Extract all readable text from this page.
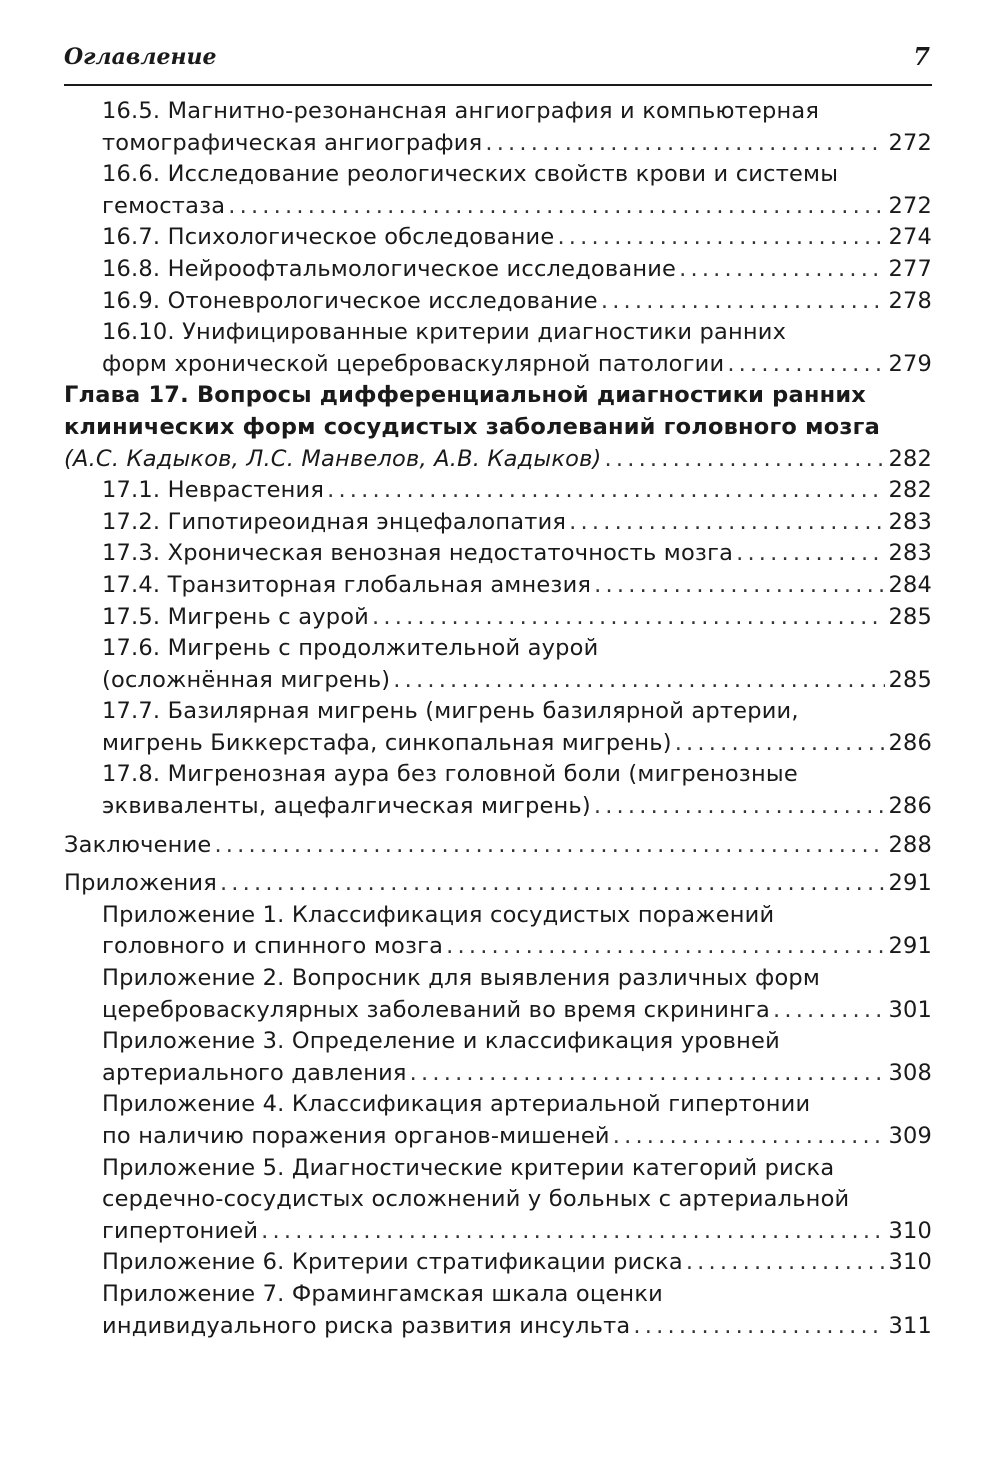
Оглавление	7
16.5. Магнитно-резонансная ангиография и компьютерная
томографическая ангиография .....	272
16.6. Исследование реологических свойств крови и системы
гемостаза .....	272
16.7. Психологическое обследование .....	274
16.8. Нейроофтальмологическое исследование .....	277
16.9. Отоневрологическое исследование .....	278
16.10. Унифицированные критерии диагностики ранних
форм хронической цереброваскулярной патологии .....	279
Глава 17. Вопросы дифференциальной диагностики ранних
клинических форм сосудистых заболеваний головного мозга
(А.С. Кадыков, Л.С. Манвелов, А.В. Кадыков) .....	282
17.1. Неврастения .....	282
17.2. Гипотиреоидная энцефалопатия .....	283
17.3. Хроническая венозная недостаточность мозга .....	283
17.4. Транзиторная глобальная амнезия .....	284
17.5. Мигрень с аурой .....	285
17.6. Мигрень с продолжительной аурой
(осложнённая мигрень) .....	285
17.7. Базилярная мигрень (мигрень базилярной артерии,
мигрень Биккерстафа, синкопальная мигрень) .....	286
17.8. Мигренозная аура без головной боли (мигренозные
эквиваленты, ацефалгическая мигрень) .....	286
Заключение .....	288
Приложения .....	291
Приложение 1. Классификация сосудистых поражений
головного и спинного мозга .....	291
Приложение 2. Вопросник для выявления различных форм
цереброваскулярных заболеваний во время скрининга .....	301
Приложение 3. Определение и классификация уровней
артериального давления .....	308
Приложение 4. Классификация артериальной гипертонии
по наличию поражения органов-мишеней .....	309
Приложение 5. Диагностические критерии категорий риска
сердечно-сосудистых осложнений у больных с артериальной
гипертонией .....	310
Приложение 6. Критерии стратификации риска .....	310
Приложение 7. Фрамингамская шкала оценки
индивидуального риска развития инсульта .....	311
